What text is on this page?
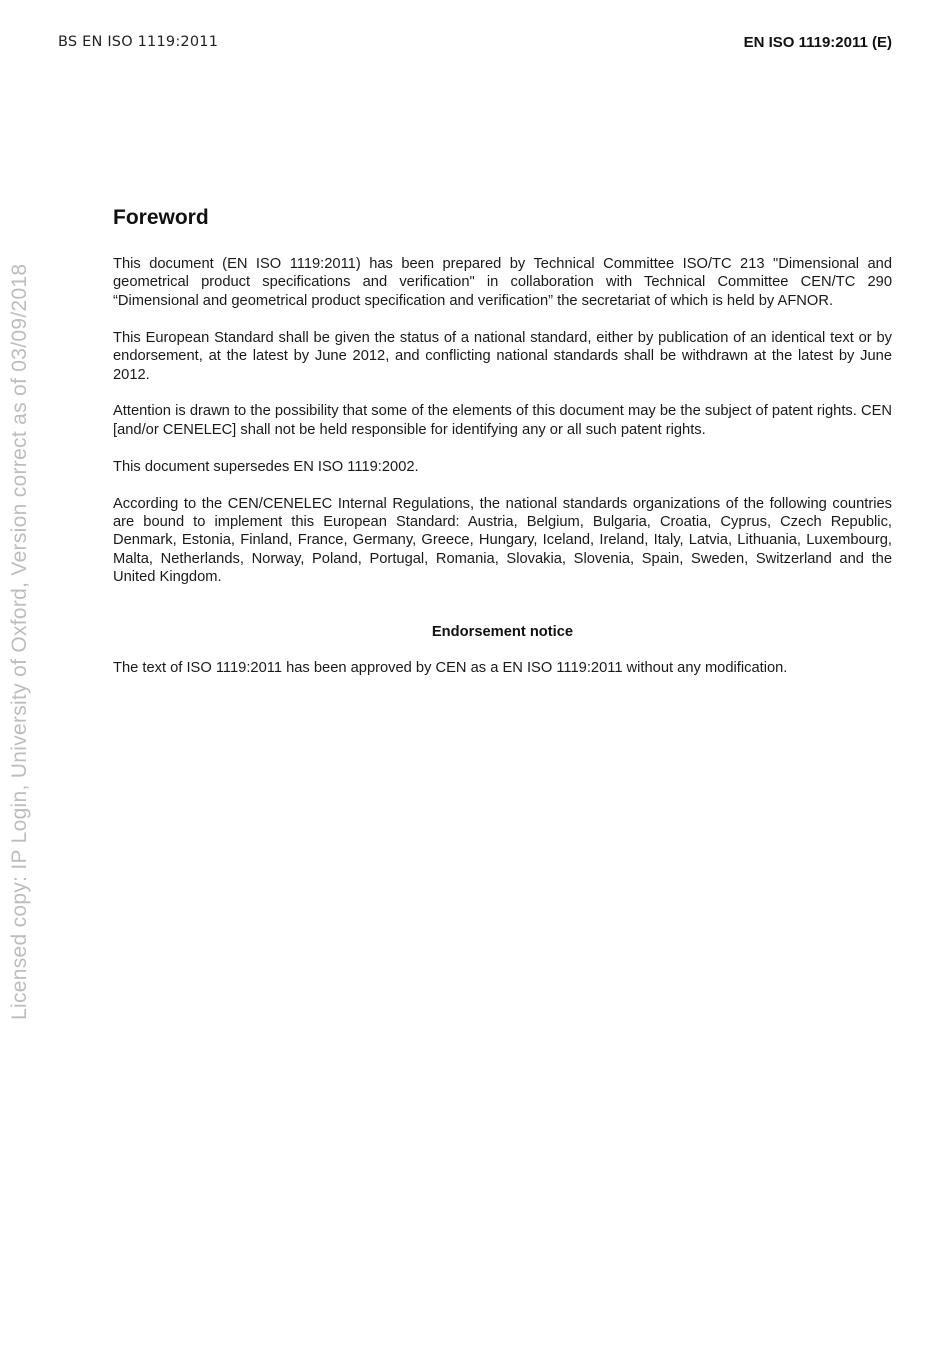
BS EN ISO 1119:2011	EN ISO 1119:2011 (E)
Licensed copy: IP Login, University of Oxford, Version correct as of 03/09/2018
Foreword

This document (EN ISO 1119:2011) has been prepared by Technical Committee ISO/TC 213 "Dimensional and geometrical product specifications and verification" in collaboration with Technical Committee CEN/TC 290 “Dimensional and geometrical product specification and verification” the secretariat of which is held by AFNOR.

This European Standard shall be given the status of a national standard, either by publication of an identical text or by endorsement, at the latest by June 2012, and conflicting national standards shall be withdrawn at the latest by June 2012.

Attention is drawn to the possibility that some of the elements of this document may be the subject of patent rights. CEN [and/or CENELEC] shall not be held responsible for identifying any or all such patent rights.

This document supersedes EN ISO 1119:2002.

According to the CEN/CENELEC Internal Regulations, the national standards organizations of the following countries are bound to implement this European Standard: Austria, Belgium, Bulgaria, Croatia, Cyprus, Czech Republic, Denmark, Estonia, Finland, France, Germany, Greece, Hungary, Iceland, Ireland, Italy, Latvia, Lithuania, Luxembourg, Malta, Netherlands, Norway, Poland, Portugal, Romania, Slovakia, Slovenia, Spain, Sweden, Switzerland and the United Kingdom.

Endorsement notice

The text of ISO 1119:2011 has been approved by CEN as a EN ISO 1119:2011 without any modification.
